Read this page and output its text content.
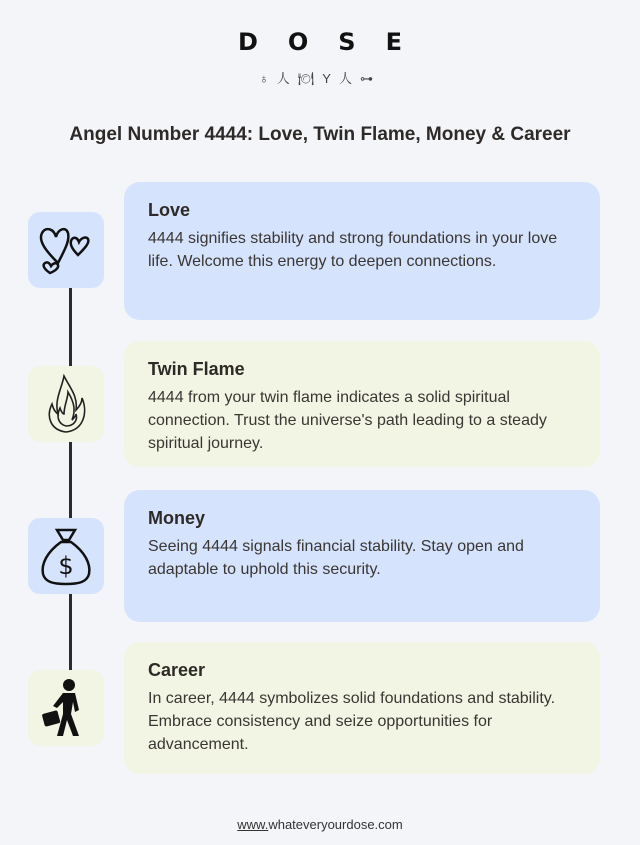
DOSE
♁人🍽︎Y人⊶
Angel Number 4444: Love, Twin Flame, Money & Career
Love

4444 signifies stability and strong foundations in your love life. Welcome this energy to deepen connections.

Twin Flame

4444 from your twin flame indicates a solid spiritual connection. Trust the universe's path leading to a steady spiritual journey.

$
Money

Seeing 4444 signals financial stability. Stay open and adaptable to uphold this security.

Career

In career, 4444 symbolizes solid foundations and stability. Embrace consistency and seize opportunities for advancement.

www.whateveryourdose.com
